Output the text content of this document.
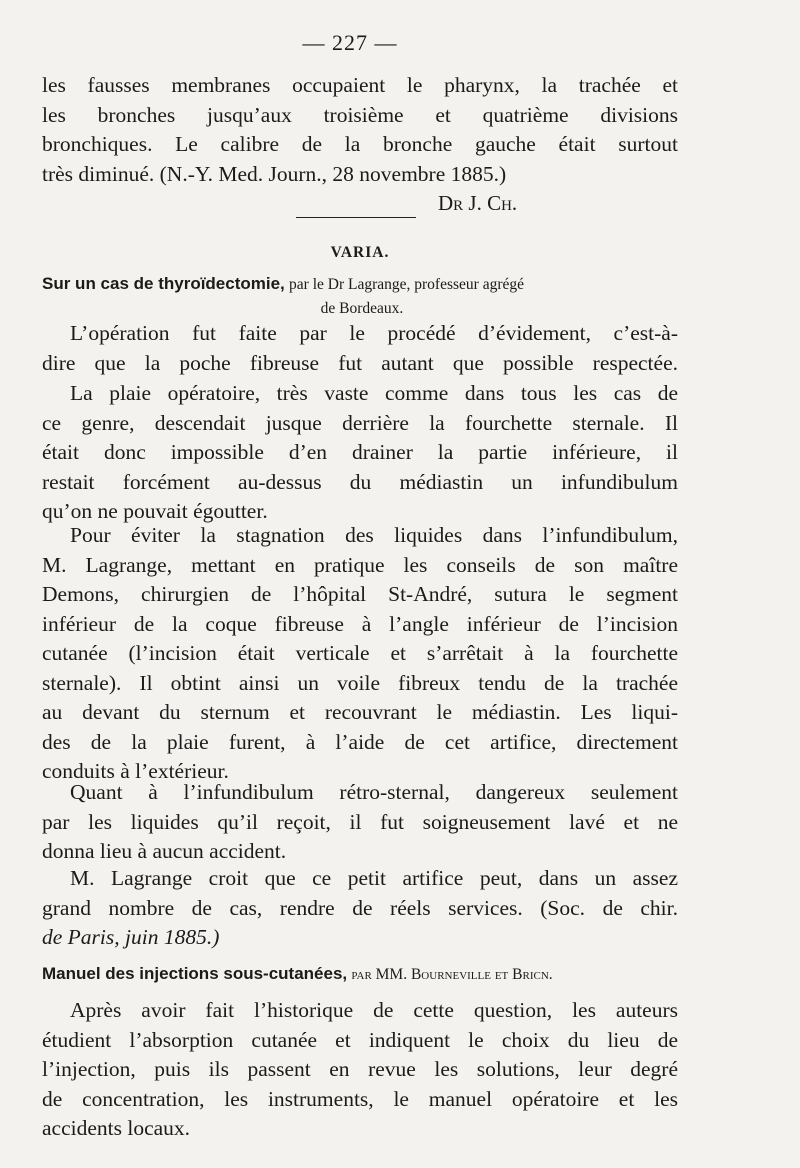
— 227 —
les fausses membranes occupaient le pharynx, la trachée et
les bronches jusqu’aux troisième et quatrième divisions
bronchiques. Le calibre de la bronche gauche était surtout
très diminué. (N.-Y. Med. Journ., 28 novembre 1885.)
Dr J. Ch.
VARIA.
Sur un cas de thyroïdectomie, par le Dr Lagrange, professeur agrégé
de Bordeaux.
L’opération fut faite par le procédé d’évidement, c’est-à-
dire que la poche fibreuse fut autant que possible respectée.
La plaie opératoire, très vaste comme dans tous les cas de
ce genre, descendait jusque derrière la fourchette sternale. Il
était donc impossible d’en drainer la partie inférieure, il
restait forcément au-dessus du médiastin un infundibulum
qu’on ne pouvait égoutter.
Pour éviter la stagnation des liquides dans l’infundibulum,
M. Lagrange, mettant en pratique les conseils de son maître
Demons, chirurgien de l’hôpital St-André, sutura le segment
inférieur de la coque fibreuse à l’angle inférieur de l’incision
cutanée (l’incision était verticale et s’arrêtait à la fourchette
sternale). Il obtint ainsi un voile fibreux tendu de la trachée
au devant du sternum et recouvrant le médiastin. Les liqui-
des de la plaie furent, à l’aide de cet artifice, directement
conduits à l’extérieur.
Quant à l’infundibulum rétro-sternal, dangereux seulement
par les liquides qu’il reçoit, il fut soigneusement lavé et ne
donna lieu à aucun accident.
M. Lagrange croit que ce petit artifice peut, dans un assez
grand nombre de cas, rendre de réels services. (Soc. de chir.
de Paris, juin 1885.)
Manuel des injections sous-cutanées, par MM. Bourneville et Bricn.
Après avoir fait l’historique de cette question, les auteurs
étudient l’absorption cutanée et indiquent le choix du lieu de
l’injection, puis ils passent en revue les solutions, leur degré
de concentration, les instruments, le manuel opératoire et les
accidents locaux.
